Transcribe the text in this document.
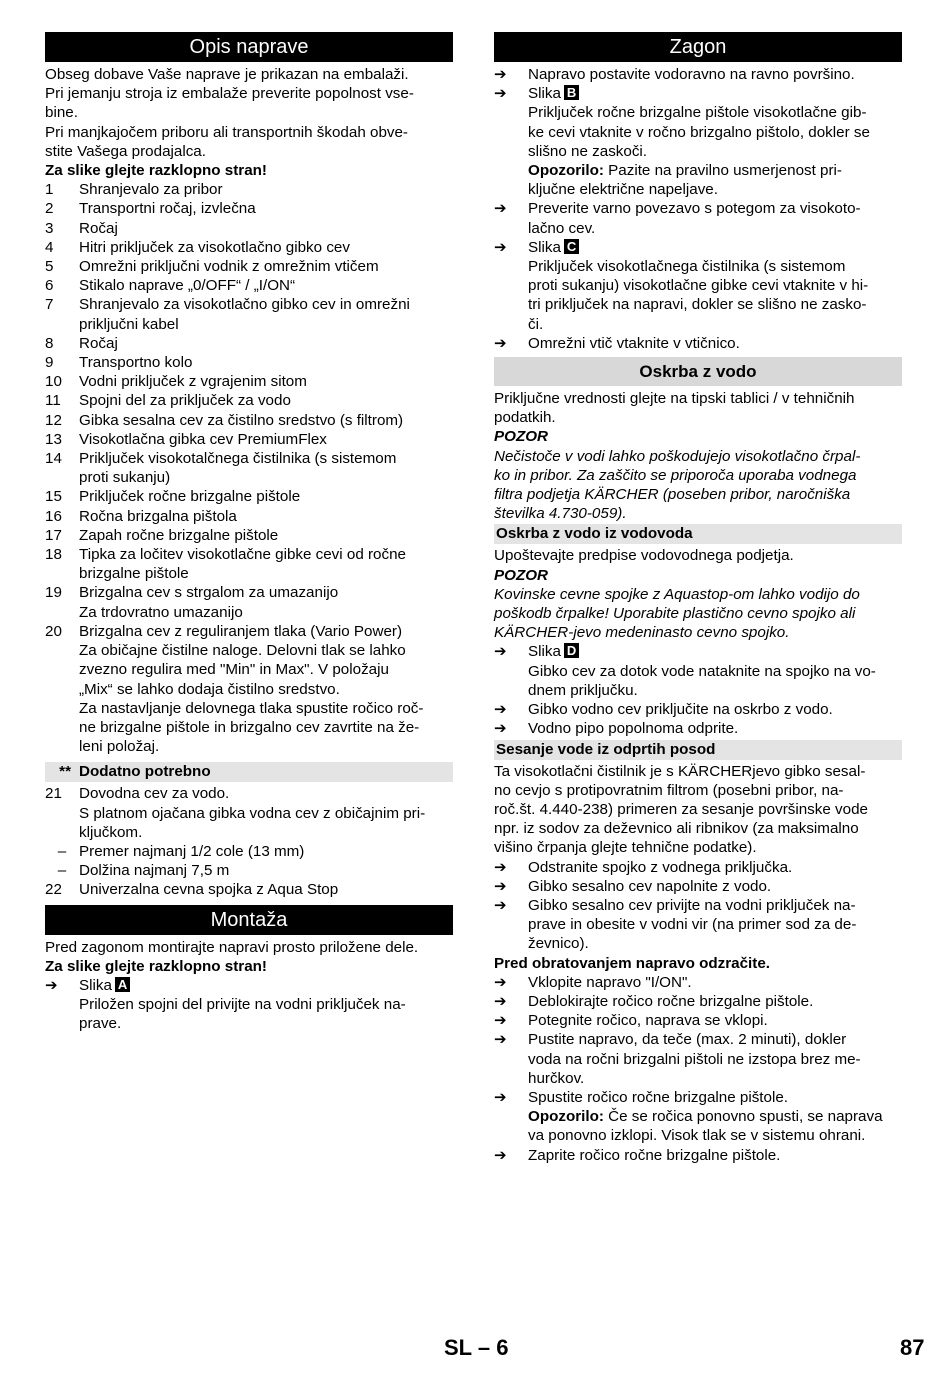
Opis naprave
Obseg dobave Vaše naprave je prikazan na embalaži.
Pri jemanju stroja iz embalaže preverite popolnost vse-
bine.
Pri manjkajočem priboru ali transportnih škodah obve-
stite Vašega prodajalca.

Za slike glejte razklopno stran!

1	Shranjevalo za pribor
2	Transportni ročaj, izvlečna
3	Ročaj
4	Hitri priključek za visokotlačno gibko cev
5	Omrežni priključni vodnik z omrežnim vtičem
6	Stikalo naprave „0/OFF“ / „I/ON“
7	Shranjevalo za visokotlačno gibko cev in omrežni
priključni kabel
8	Ročaj
9	Transportno kolo
10	Vodni priključek z vgrajenim sitom
11	Spojni del za priključek za vodo
12	Gibka sesalna cev za čistilno sredstvo (s filtrom)
13	Visokotlačna gibka cev PremiumFlex
14	Priključek visokotalčnega čistilnika (s sistemom
proti sukanju)
15	Priključek ročne brizgalne pištole
16	Ročna brizgalna pištola
17	Zapah ročne brizgalne pištole
18	Tipka za ločitev visokotlačne gibke cevi od ročne
brizgalne pištole
19	Brizgalna cev s strgalom za umazanijo
Za trdovratno umazanijo
20	Brizgalna cev z reguliranjem tlaka (Vario Power)
Za običajne čistilne naloge. Delovni tlak se lahko
zvezno regulira med "Min" in Max". V položaju
„Mix“ se lahko dodaja čistilno sredstvo.
Za nastavljanje delovnega tlaka spustite ročico roč-
ne brizgalne pištole in brizgalno cev zavrtite na že-
leni položaj.
** Dodatno potrebno
21	Dovodna cev za vodo.
S platnom ojačana gibka vodna cev z običajnim pri-
ključkom.
– Premer najmanj 1/2 cole (13 mm)
– Dolžina najmanj 7,5 m
22	Univerzalna cevna spojka z Aqua Stop
Montaža

Pred zagonom montirajte napravi prosto priložene dele.

Za slike glejte razklopno stran!

➔	Slika A
Priložen spojni del privijte na vodni priključek na-
prave.
Zagon
➔	Napravo postavite vodoravno na ravno površino.
➔	Slika B
Priključek ročne brizgalne pištole visokotlačne gib-
ke cevi vtaknite v ročno brizgalno pištolo, dokler se
slišno ne zaskoči.
Opozorilo: Pazite na pravilno usmerjenost pri-
ključne električne napeljave.
➔	Preverite varno povezavo s potegom za visokoto-
lačno cev.
➔	Slika C
Priključek visokotlačnega čistilnika (s sistemom
proti sukanju) visokotlačne gibke cevi vtaknite v hi-
tri priključek na napravi, dokler se slišno ne zasko-
či.
➔	Omrežni vtič vtaknite v vtičnico.
Oskrba z vodo
Priključne vrednosti glejte na tipski tablici / v tehničnih
podatkih.

POZOR

Nečistoče v vodi lahko poškodujejo visokotlačno črpal-
ko in pribor. Za zaščito se priporoča uporaba vodnega
filtra podjetja KÄRCHER (poseben pribor, naročniška
številka 4.730-059).
Oskrba z vodo iz vodovoda

Upoštevajte predpise vodovodnega podjetja.

POZOR

Kovinske cevne spojke z Aquastop-om lahko vodijo do
poškodb črpalke! Uporabite plastično cevno spojko ali
KÄRCHER-jevo medeninasto cevno spojko.
➔	Slika D
Gibko cev za dotok vode nataknite na spojko na vo-
dnem priključku.
➔	Gibko vodno cev priključite na oskrbo z vodo.
➔	Vodno pipo popolnoma odprite.
Sesanje vode iz odprtih posod
Ta visokotlačni čistilnik je s KÄRCHERjevo gibko sesal-
no cevjo s protipovratnim filtrom (posebni pribor, na-
roč.št. 4.440-238) primeren za sesanje površinske vode
npr. iz sodov za deževnico ali ribnikov (za maksimalno
višino črpanja glejte tehnične podatke).
➔	Odstranite spojko z vodnega priključka.
➔	Gibko sesalno cev napolnite z vodo.
➔	Gibko sesalno cev privijte na vodni priključek na-
prave in obesite v vodni vir (na primer sod za de-
ževnico).

Pred obratovanjem napravo odzračite.

➔	Vklopite napravo "I/ON".
➔	Deblokirajte ročico ročne brizgalne pištole.
➔	Potegnite ročico, naprava se vklopi.
➔	Pustite napravo, da teče (max. 2 minuti), dokler
voda na ročni brizgalni pištoli ne izstopa brez me-
hurčkov.
➔	Spustite ročico ročne brizgalne pištole.
Opozorilo: Če se ročica ponovno spusti, se naprava
va ponovno izklopi. Visok tlak se v sistemu ohrani.
➔	Zaprite ročico ročne brizgalne pištole.
SL – 6	87
